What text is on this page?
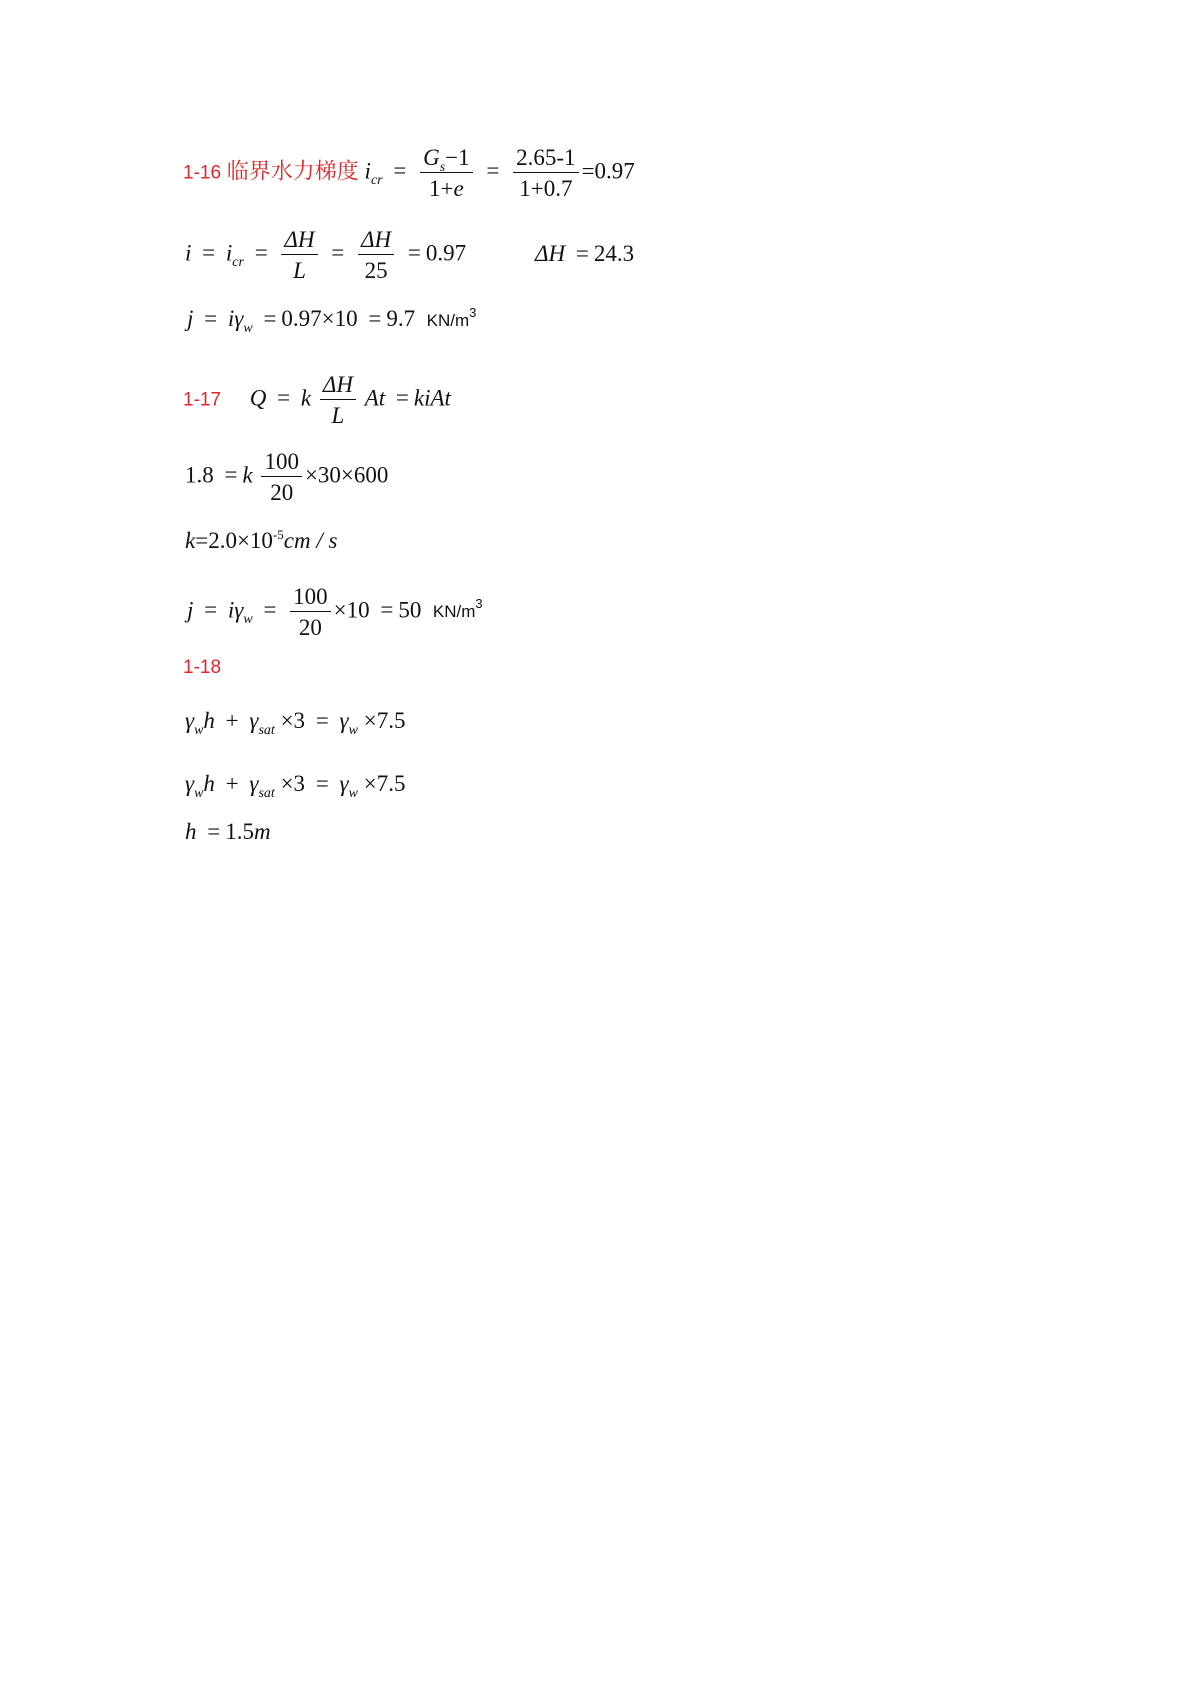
1-16 临界水力梯度 $i_{cr} = \frac{G_s-1}{1+e} = \frac{2.65-1}{1+0.7} =0.97$
$i = i_{cr} = \frac{\Delta H}{L} = \frac{\Delta H}{25} = 0.97$	ΔH = 24.3
$j = i\gamma_w = 0.97\times 10 = 9.7$ $KN/m^3$
1-17 Q = k $\frac{\Delta H}{L}$ At = kiAt
1.8 = k $\frac{100}{20} \times 30\times 600$
$k=2.0\times 10^{-5}cm / s$
$j = i\gamma_w = \frac{100}{20} \times 10 = 50$ $KN/m^3$
1-18
$\gamma_wh + \gamma_{sat} \times 3 = \gamma_w \times 7.5$
$\gamma_wh + \gamma_{sat} \times 3 = \gamma_w \times 7.5$
h = 1.5m
